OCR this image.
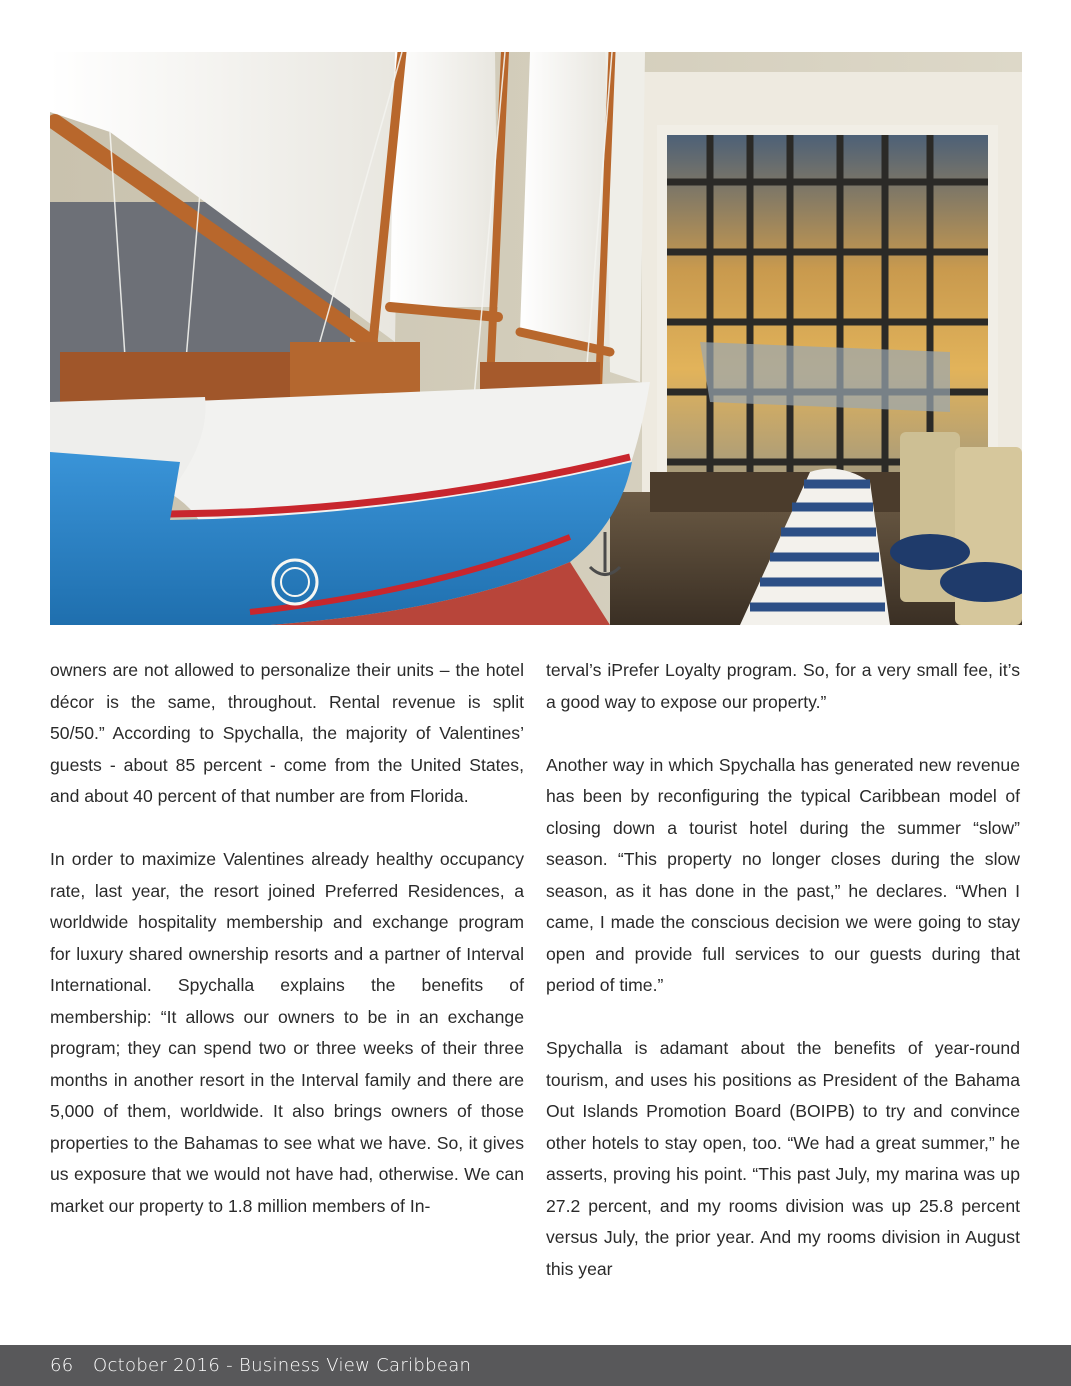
owners are not allowed to personalize their units – the hotel décor is the same, throughout. Rental revenue is split 50/50.” According to Spychalla, the majority of Valentines’ guests - about 85 percent - come from the United States, and about 40 percent of that number are from Florida.

In order to maximize Valentines already healthy occupancy rate, last year, the resort joined Preferred Residences, a worldwide hospitality membership and exchange program for luxury shared ownership resorts and a partner of Interval International. Spychalla explains the benefits of membership: “It allows our owners to be in an exchange program; they can spend two or three weeks of their three months in another resort in the Interval family and there are 5,000 of them, worldwide. It also brings owners of those properties to the Bahamas to see what we have. So, it gives us exposure that we would not have had, otherwise. We can market our property to 1.8 million members of In-

terval’s iPrefer Loyalty program. So, for a very small fee, it’s a good way to expose our property.”

Another way in which Spychalla has generated new revenue has been by reconfiguring the typical Caribbean model of closing down a tourist hotel during the summer “slow” season. “This property no longer closes during the slow season, as it has done in the past,” he declares. “When I came, I made the conscious decision we were going to stay open and provide full services to our guests during that period of time.”

Spychalla is adamant about the benefits of year-round tourism, and uses his positions as President of the Bahama Out Islands Promotion Board (BOIPB) to try and convince other hotels to stay open, too. “We had a great summer,” he asserts, proving his point. “This past July, my marina was up 27.2 percent, and my rooms division was up 25.8 percent versus July, the prior year. And my rooms division in August this year

66 October 2016 - Business View Caribbean
